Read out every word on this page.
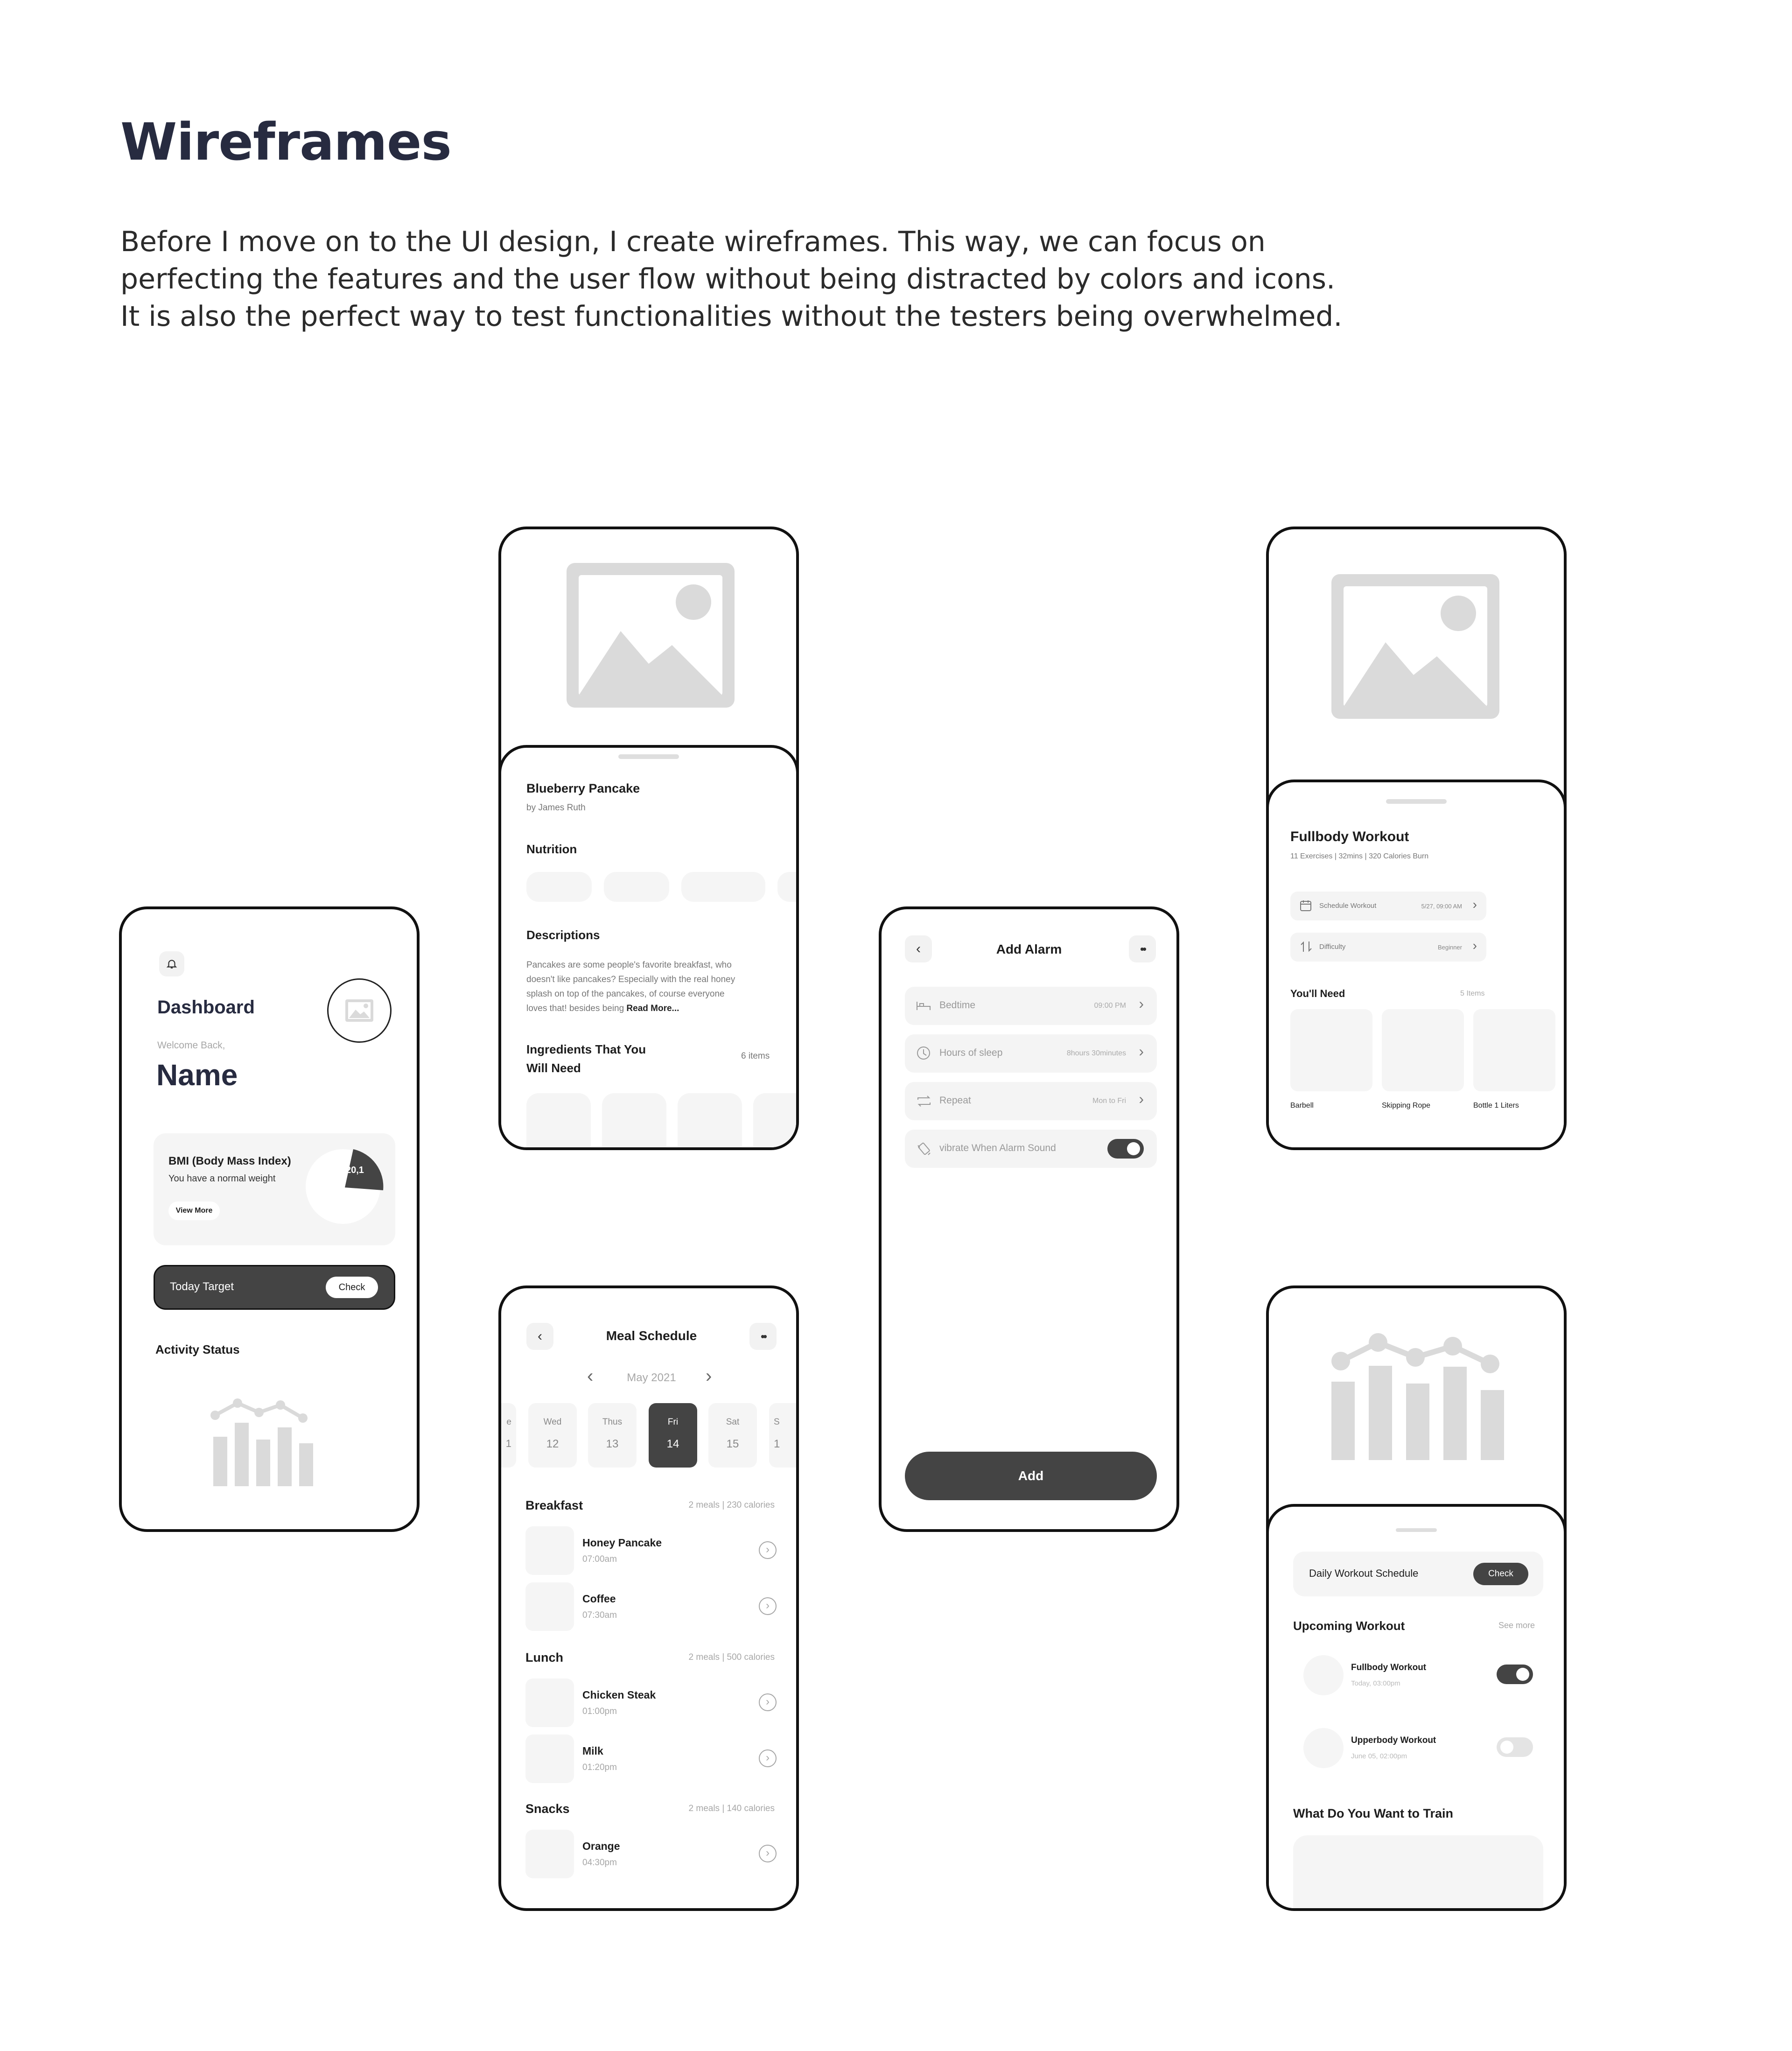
Wireframes

Before I move on to the UI design, I create wireframes. This way, we can focus on

perfecting the features and the user flow without being distracted by colors and icons.

It is also the perfect way to test functionalities without the testers being overwhelmed.

Dashboard
Welcome Back,
Name
BMI (Body Mass Index)
You have a normal weight
View More
20,1
Today Target	Check
Activity Status
Blueberry Pancake
by James Ruth
Nutrition
Descriptions
Pancakes are some people's favorite breakfast, who
doesn't like pancakes? Especially with the real honey
splash on top of the pancakes, of course everyone
loves that! besides being Read More...
Ingredients That You
Will Need
6 items
‹	Meal Schedule	••
‹	May 2021	›
e
1
Wed
12
Thus
13
Fri
14
Sat
15
S
1
Breakfast	2 meals | 230 calories
Honey Pancake
07:00am
›
Coffee
07:30am
›
Lunch	2 meals | 500 calories
Chicken Steak
01:00pm
›
Milk
01:20pm
›
Snacks	2 meals | 140 calories
Orange
04:30pm
›
‹	Add Alarm	••
Bedtime	09:00 PM ›
Hours of sleep	8hours 30minutes ›
Repeat	Mon to Fri ›
vibrate When Alarm Sound
Add
Fullbody Workout
11 Exercises | 32mins | 320 Calories Burn
Schedule Workout	5/27, 09:00 AM ›
Difficulty	Beginner ›
You'll Need	5 Items
Barbell	Skipping Rope	Bottle 1 Liters
Daily Workout Schedule	Check
Upcoming Workout	See more
Fullbody Workout
Today, 03:00pm
Upperbody Workout
June 05, 02:00pm
What Do You Want to Train
